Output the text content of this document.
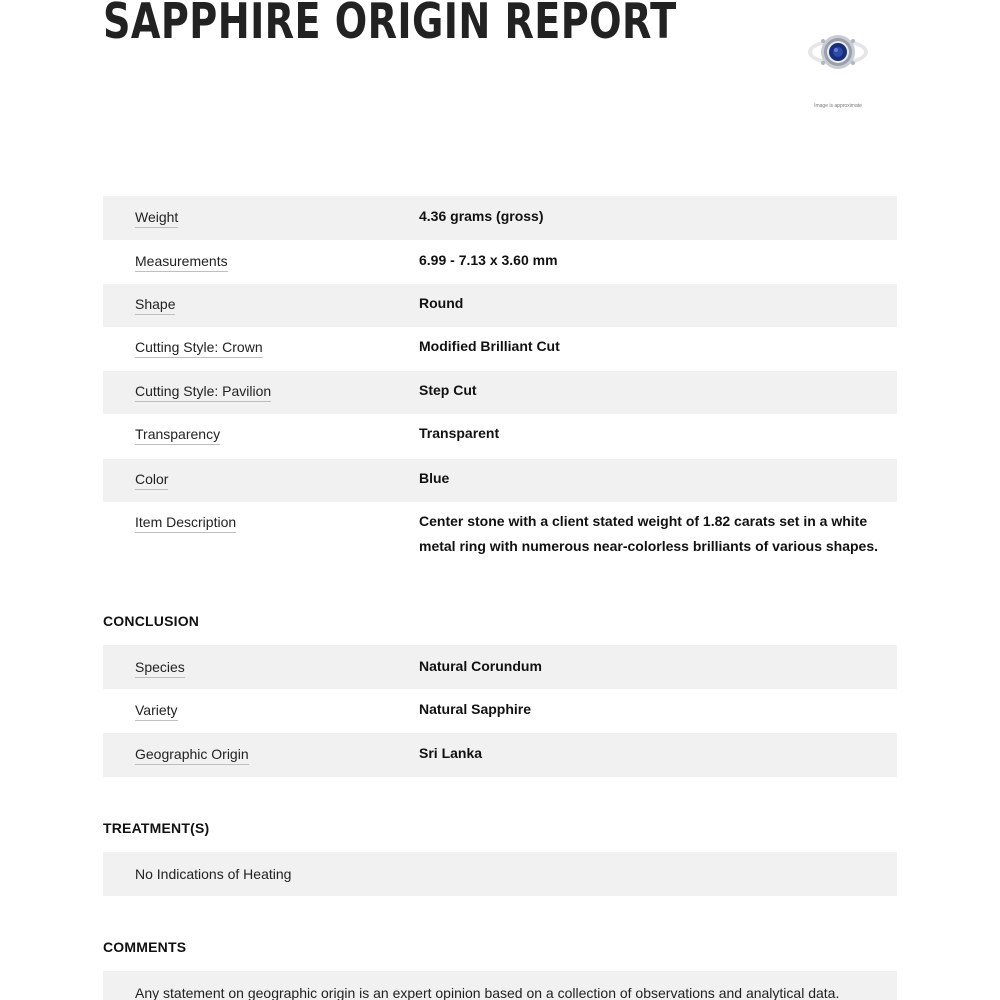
SAPPHIRE ORIGIN REPORT
Image is approximate
Weight	4.36 grams (gross)
Measurements	6.99 - 7.13 x 3.60 mm
Shape	Round
Cutting Style: Crown	Modified Brilliant Cut
Cutting Style: Pavilion	Step Cut
Transparency	Transparent
Color	Blue
Item Description	Center stone with a client stated weight of 1.82 carats set in a white metal ring with numerous near-colorless brilliants of various shapes.
CONCLUSION
Species	Natural Corundum
Variety	Natural Sapphire
Geographic Origin	Sri Lanka
TREATMENT(S)
No Indications of Heating
COMMENTS
Any statement on geographic origin is an expert opinion based on a collection of observations and analytical data.
